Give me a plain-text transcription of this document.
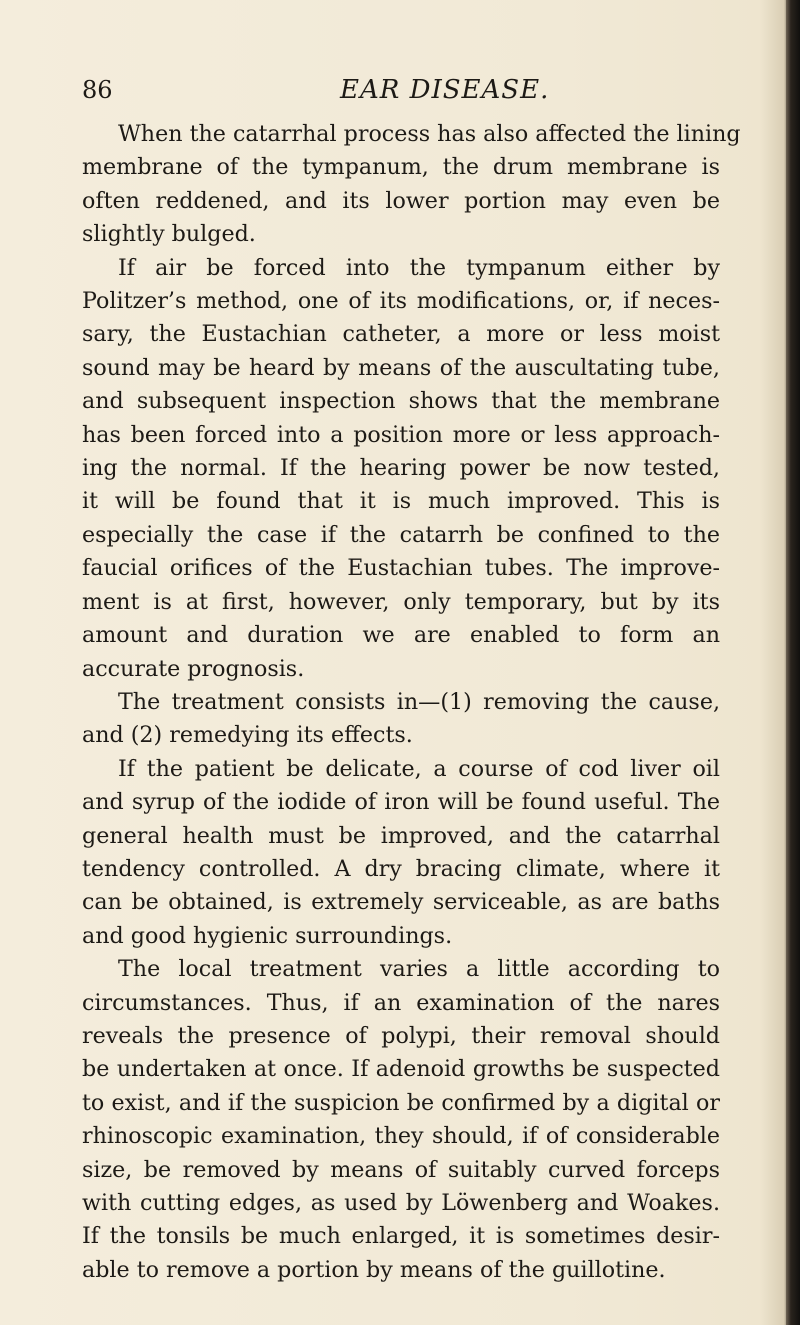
86	EAR DISEASE.
When the catarrhal process has also affected the lining
membrane of the tympanum, the drum membrane is
often reddened, and its lower portion may even be
slightly bulged.
If air be forced into the tympanum either by
Politzer’s method, one of its modifications, or, if neces-
sary, the Eustachian catheter, a more or less moist
sound may be heard by means of the auscultating tube,
and subsequent inspection shows that the membrane
has been forced into a position more or less approach-
ing the normal. If the hearing power be now tested,
it will be found that it is much improved. This is
especially the case if the catarrh be confined to the
faucial orifices of the Eustachian tubes. The improve-
ment is at first, however, only temporary, but by its
amount and duration we are enabled to form an
accurate prognosis.
The treatment consists in—(1) removing the cause,
and (2) remedying its effects.
If the patient be delicate, a course of cod liver oil
and syrup of the iodide of iron will be found useful. The
general health must be improved, and the catarrhal
tendency controlled. A dry bracing climate, where it
can be obtained, is extremely serviceable, as are baths
and good hygienic surroundings.
The local treatment varies a little according to
circumstances. Thus, if an examination of the nares
reveals the presence of polypi, their removal should
be undertaken at once. If adenoid growths be suspected
to exist, and if the suspicion be confirmed by a digital or
rhinoscopic examination, they should, if of considerable
size, be removed by means of suitably curved forceps
with cutting edges, as used by Löwenberg and Woakes.
If the tonsils be much enlarged, it is sometimes desir-
able to remove a portion by means of the guillotine.
